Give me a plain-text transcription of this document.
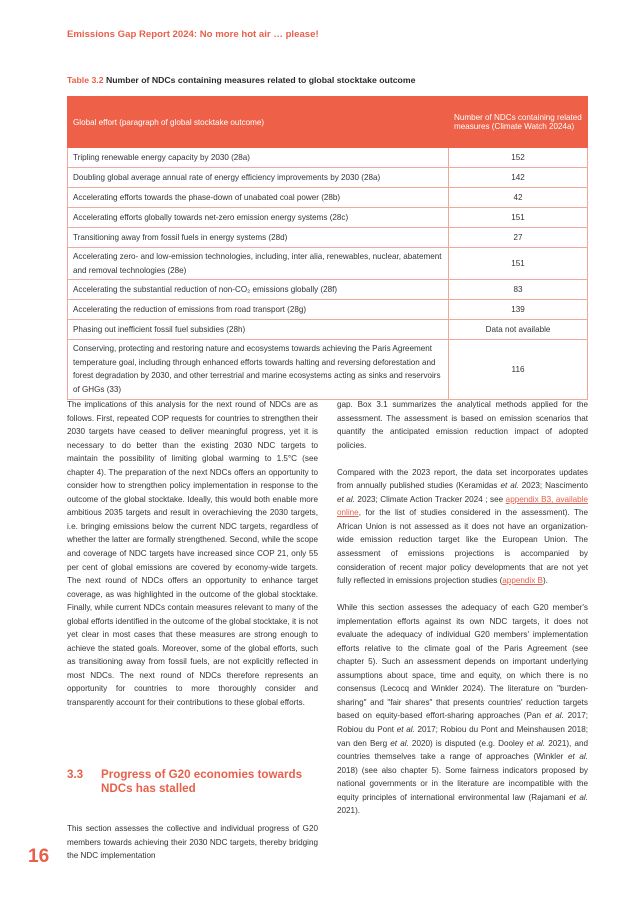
Emissions Gap Report 2024: No more hot air … please!
Table 3.2 Number of NDCs containing measures related to global stocktake outcome
Global effort (paragraph of global stocktake outcome)	Number of NDCs containing related measures (Climate Watch 2024a)
Tripling renewable energy capacity by 2030 (28a)	152
Doubling global average annual rate of energy efficiency improvements by 2030 (28a)	142
Accelerating efforts towards the phase-down of unabated coal power (28b)	42
Accelerating efforts globally towards net-zero emission energy systems (28c)	151
Transitioning away from fossil fuels in energy systems (28d)	27
Accelerating zero- and low-emission technologies, including, inter alia, renewables, nuclear, abatement and removal technologies (28e)	151
Accelerating the substantial reduction of non-CO₂ emissions globally (28f)	83
Accelerating the reduction of emissions from road transport (28g)	139
Phasing out inefficient fossil fuel subsidies (28h)	Data not available
Conserving, protecting and restoring nature and ecosystems towards achieving the Paris Agreement temperature goal, including through enhanced efforts towards halting and reversing deforestation and forest degradation by 2030, and other terrestrial and marine ecosystems acting as sinks and reservoirs of GHGs (33)	116

The implications of this analysis for the next round of NDCs are as follows. First, repeated COP requests for countries to strengthen their 2030 targets have ceased to deliver meaningful progress, yet it is necessary to do better than the existing 2030 NDC targets to maintain the possibility of limiting global warming to 1.5°C (see chapter 4). The preparation of the next NDCs offers an opportunity to consider how to strengthen policy implementation in response to the outcome of the global stocktake. Ideally, this would both enable more ambitious 2035 targets and result in overachieving the 2030 targets, i.e. bringing emissions below the current NDC targets, regardless of whether the latter are formally strengthened. Second, while the scope and coverage of NDC targets have increased since COP 21, only 55 per cent of global emissions are covered by economy-wide targets. The next round of NDCs offers an opportunity to enhance target coverage, as was highlighted in the outcome of the global stocktake. Finally, while current NDCs contain measures relevant to many of the global efforts identified in the outcome of the global stocktake, it is not yet clear in most cases that these measures are strong enough to achieve the stated goals. Moreover, some of the global efforts, such as transitioning away from fossil fuels, are not explicitly reflected in most NDCs. The next round of NDCs therefore represents an opportunity for countries to more thoroughly consider and transparently account for their contributions to these global efforts.

3.3 Progress of G20 economies towards
NDCs has stalled

This section assesses the collective and individual progress of G20 members towards achieving their 2030 NDC targets, thereby bridging the NDC implementation

gap. Box 3.1 summarizes the analytical methods applied for the assessment. The assessment is based on emission scenarios that quantify the anticipated emission reduction impact of adopted policies.

Compared with the 2023 report, the data set incorporates updates from annually published studies (Keramidas et al. 2023; Nascimento et al. 2023; Climate Action Tracker 2024 ; see appendix B3, available online, for the list of studies considered in the assessment). The African Union is not assessed as it does not have an organization-wide emission reduction target like the European Union. The assessment of emissions projections is accompanied by consideration of recent major policy developments that are not yet fully reflected in emissions projection studies (appendix B).

While this section assesses the adequacy of each G20 member's implementation efforts against its own NDC targets, it does not evaluate the adequacy of individual G20 members' implementation efforts relative to the climate goal of the Paris Agreement (see chapter 5). Such an assessment depends on important underlying assumptions about space, time and equity, on which there is no consensus (Lecocq and Winkler 2024). The literature on "burden-sharing" and "fair shares" that presents countries' reduction targets based on equity-based effort-sharing approaches (Pan et al. 2017; Robiou du Pont et al. 2017; Robiou du Pont and Meinshausen 2018; van den Berg et al. 2020) is disputed (e.g. Dooley et al. 2021), and countries themselves take a range of approaches (Winkler et al. 2018) (see also chapter 5). Some fairness indicators proposed by national governments or in the literature are incompatible with the equity principles of international environmental law (Rajamani et al. 2021).

16
